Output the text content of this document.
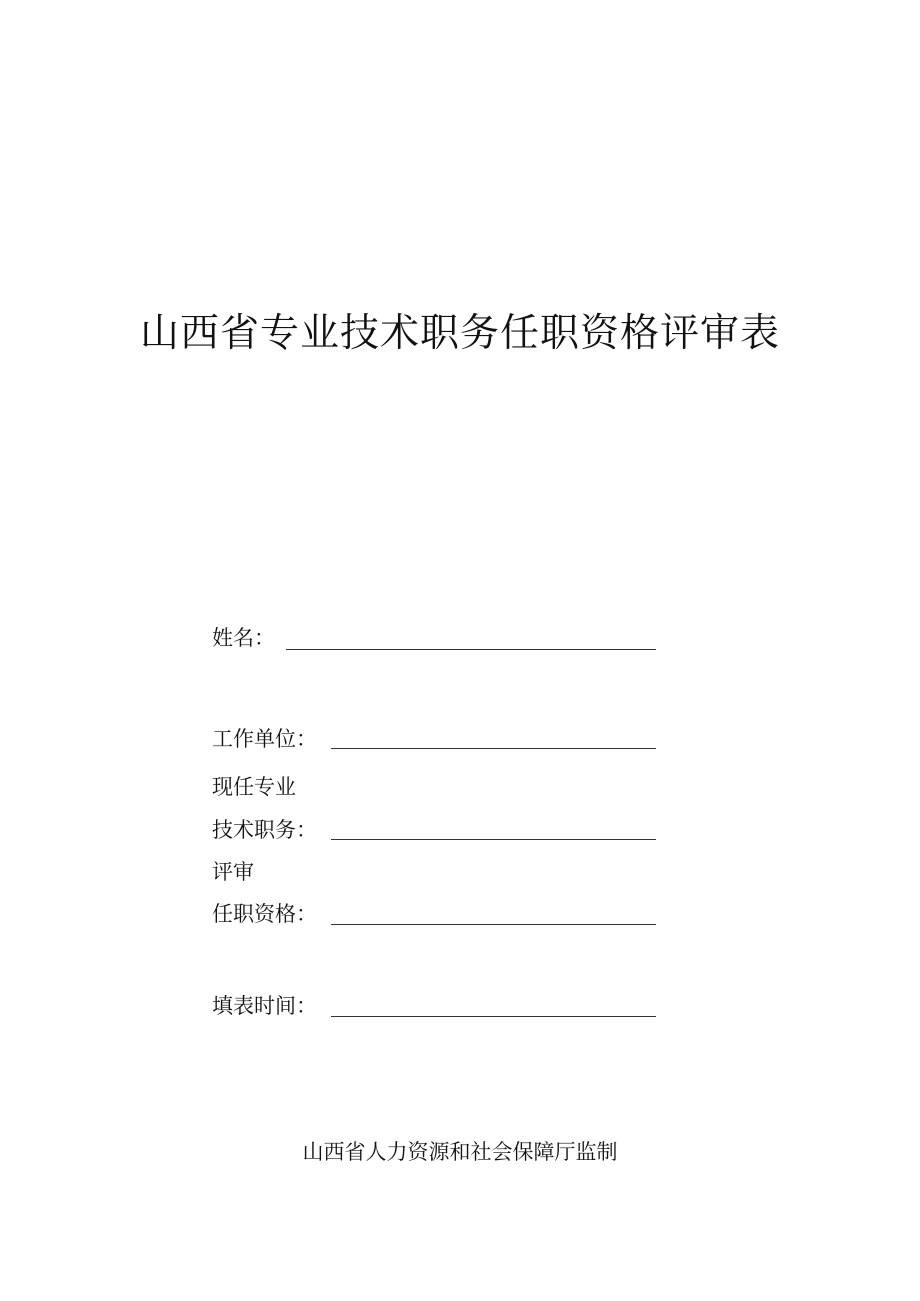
山西省专业技术职务任职资格评审表
姓名：
工作单位：
现任专业
技术职务：
评审
任职资格：
填表时间：
山西省人力资源和社会保障厅监制
